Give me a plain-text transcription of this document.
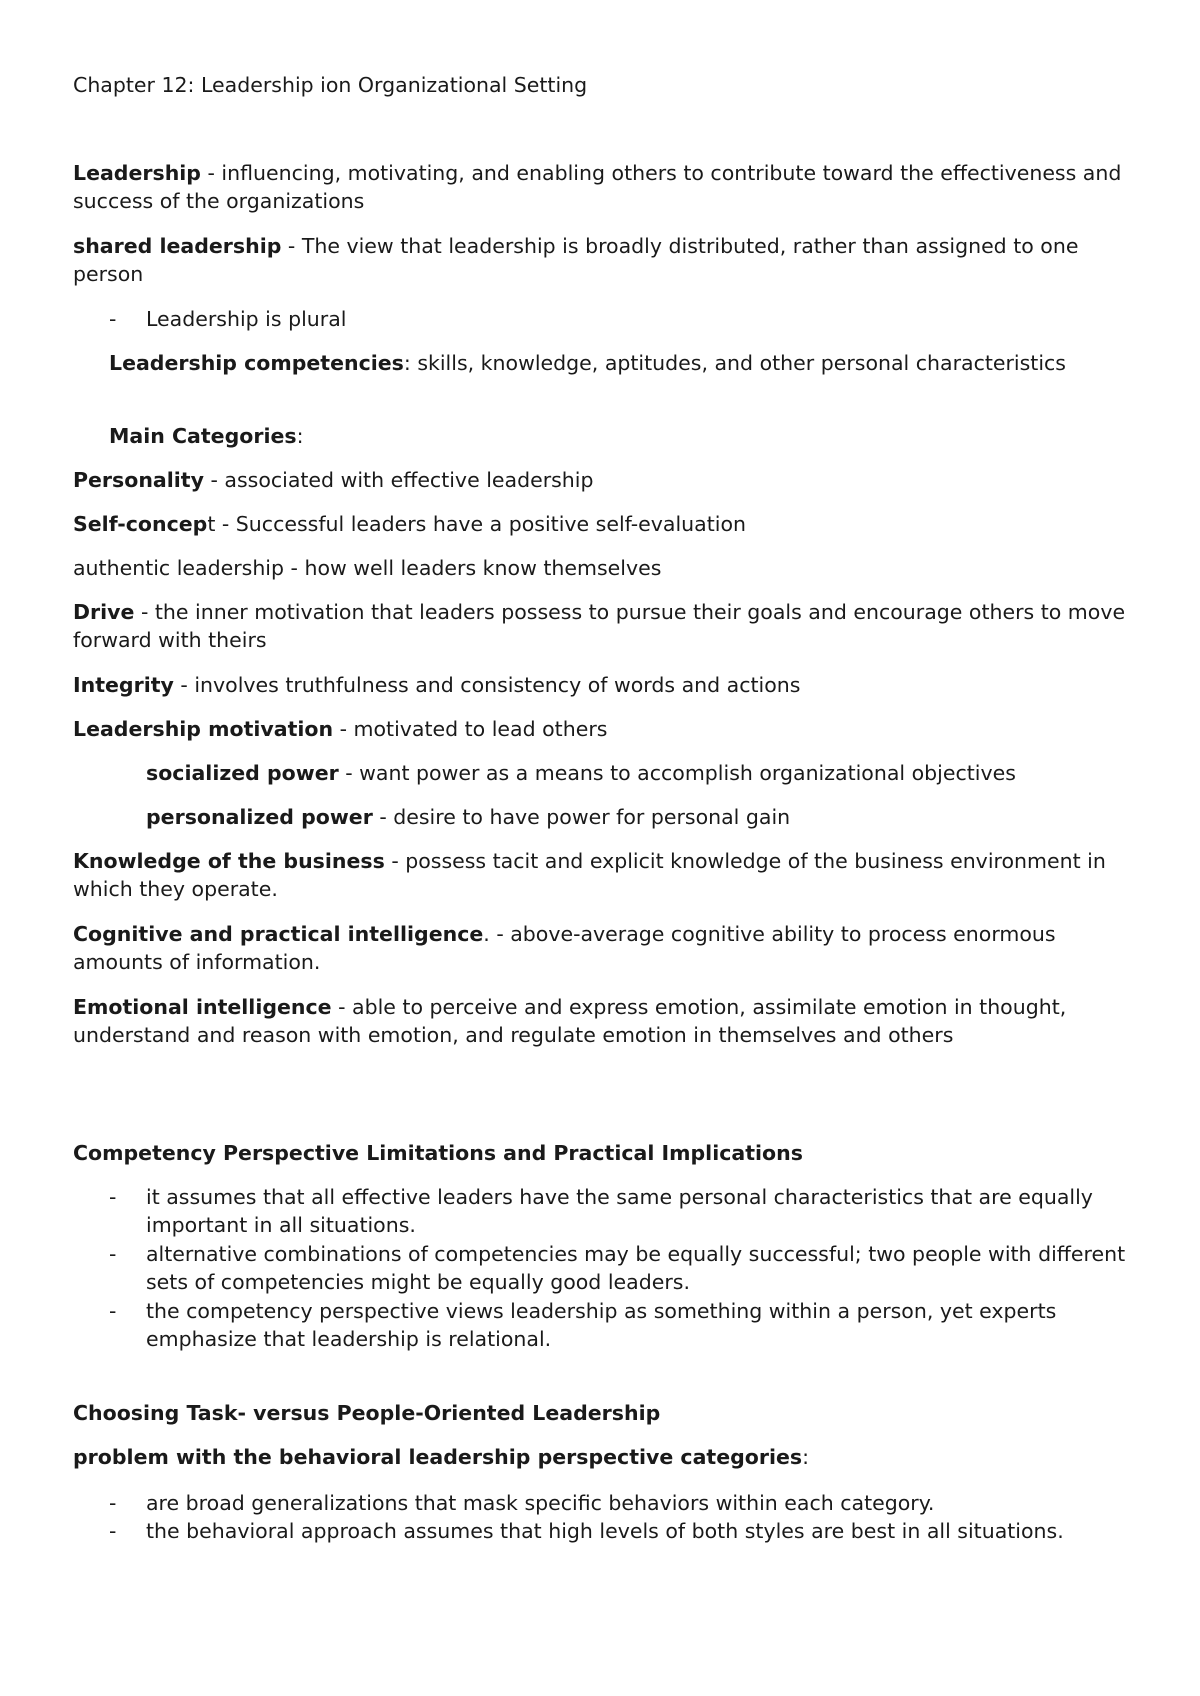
Chapter 12: Leadership ion Organizational Setting

Leadership - influencing, motivating, and enabling others to contribute toward the effectiveness and success of the organizations

shared leadership - The view that leadership is broadly distributed, rather than assigned to one person

- Leadership is plural

Leadership competencies: skills, knowledge, aptitudes, and other personal characteristics

Main Categories:

Personality - associated with effective leadership

Self-concept - Successful leaders have a positive self-evaluation

authentic leadership - how well leaders know themselves

Drive - the inner motivation that leaders possess to pursue their goals and encourage others to move forward with theirs

Integrity - involves truthfulness and consistency of words and actions

Leadership motivation - motivated to lead others

socialized power - want power as a means to accomplish organizational objectives

personalized power - desire to have power for personal gain

Knowledge of the business - possess tacit and explicit knowledge of the business environment in which they operate.

Cognitive and practical intelligence. - above-average cognitive ability to process enormous amounts of information.

Emotional intelligence - able to perceive and express emotion, assimilate emotion in thought, understand and reason with emotion, and regulate emotion in themselves and others

Competency Perspective Limitations and Practical Implications

- it assumes that all effective leaders have the same personal characteristics that are equally important in all situations.

- alternative combinations of competencies may be equally successful; two people with different sets of competencies might be equally good leaders.

- the competency perspective views leadership as something within a person, yet experts emphasize that leadership is relational.

Choosing Task- versus People-Oriented Leadership

problem with the behavioral leadership perspective categories:

- are broad generalizations that mask specific behaviors within each category.

- the behavioral approach assumes that high levels of both styles are best in all situations.
